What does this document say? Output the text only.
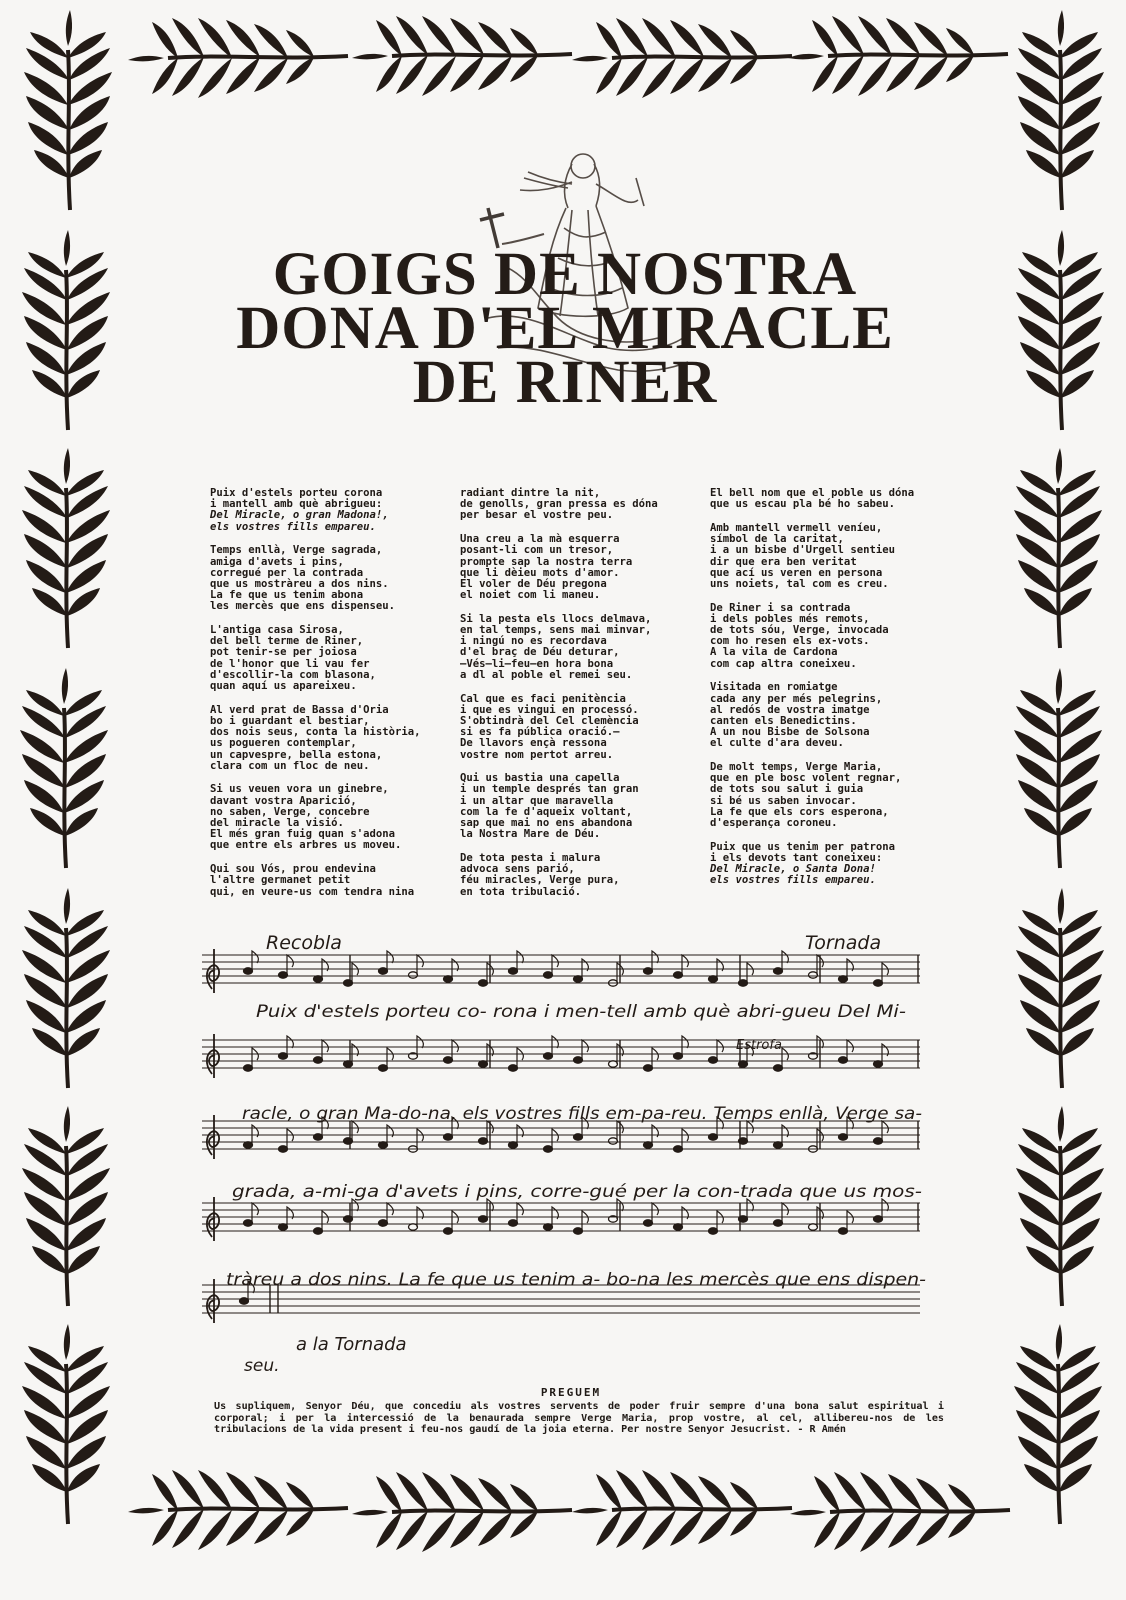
GOIGS DE NOSTRA
DONA D'EL MIRACLE
DE RINER
Puix d'estels porteu corona
i mantell amb què abrigueu:
Del Miracle, o gran Madona!,
els vostres fills empareu.
Temps enllà, Verge sagrada,
amiga d'avets i pins,
corregué per la contrada
que us mostràreu a dos nins.
La fe que us tenim abona
les mercès que ens dispenseu.
L'antiga casa Sirosa,
del bell terme de Riner,
pot tenir-se per joiosa
de l'honor que li vau fer
d'escollir-la com blasona,
quan aquí us apareixeu.
Al verd prat de Bassa d'Oria
bo i guardant el bestiar,
dos nois seus, conta la història,
us pogueren contemplar,
un capvespre, bella estona,
clara com un floc de neu.
Si us veuen vora un ginebre,
davant vostra Aparició,
no saben, Verge, concebre
del miracle la visió.
El més gran fuig quan s'adona
que entre els arbres us moveu.
Qui sou Vós, prou endevina
l'altre germanet petit
qui, en veure-us com tendra nina
radiant dintre la nit,
de genolls, gran pressa es dóna
per besar el vostre peu.
Una creu a la mà esquerra
posant-li com un tresor,
prompte sap la nostra terra
que li dèieu mots d'amor.
El voler de Déu pregona
el noiet com li maneu.
Si la pesta els llocs delmava,
en tal temps, sens mai minvar,
i ningú no es recordava
d'el braç de Déu deturar,
—Vés—li—feu—en hora bona
a dl al poble el remei seu.
Cal que es faci penitència
i que es vingui en processó.
S'obtindrà del Cel clemència
si es fa pública oració.—
De llavors ençà ressona
vostre nom pertot arreu.
Qui us bastia una capella
i un temple després tan gran
i un altar que maravella
com la fe d'aqueix voltant,
sap que mai no ens abandona
la Nostra Mare de Déu.
De tota pesta i malura
advoca sens parió,
féu miracles, Verge pura,
en tota tribulació.
El bell nom que el poble us dóna
que us escau pla bé ho sabeu.
Amb mantell vermell veníeu,
símbol de la caritat,
i a un bisbe d'Urgell sentieu
dir que era ben veritat
que ací us veren en persona
uns noiets, tal com es creu.
De Riner i sa contrada
i dels pobles més remots,
de tots sóu, Verge, invocada
com ho resen els ex-vots.
A la vila de Cardona
com cap altra coneixeu.
Visitada en romiatge
cada any per més pelegrins,
al redós de vostra imatge
canten els Benedictins.
A un nou Bisbe de Solsona
el culte d'ara deveu.
De molt temps, Verge Maria,
que en ple bosc volent regnar,
de tots sou salut i guia
si bé us saben invocar.
La fe que els cors esperona,
d'esperança coroneu.
Puix que us tenim per patrona
i els devots tant coneixeu:
Del Miracle, o Santa Dona!
els vostres fills empareu.
Recobla	Tornada
Estrofa
a la Tornada
Puix d'estels porteu co- rona i men-tell amb què abri-gueu Del Mi-
racle, o gran Ma-do-na, els vostres fills em-pa-reu. Temps enllà, Verge sa-
grada, a-mi-ga d'avets i pins, corre-gué per la con-trada que us mos-
tràreu a dos nins. La fe que us tenim a- bo-na les mercès que ens dispen-
seu.
PREGUEM
Us supliquem, Senyor Déu, que concediu als vostres servents de poder fruir sempre d'una bona salut espiritual i corporal; i per la intercessió de la benaurada sempre Verge Maria, prop vostre, al cel, allibereu-nos de les tribulacions de la vida present i feu-nos gaudí de la joia eterna. Per nostre Senyor Jesucrist. - R Amén
